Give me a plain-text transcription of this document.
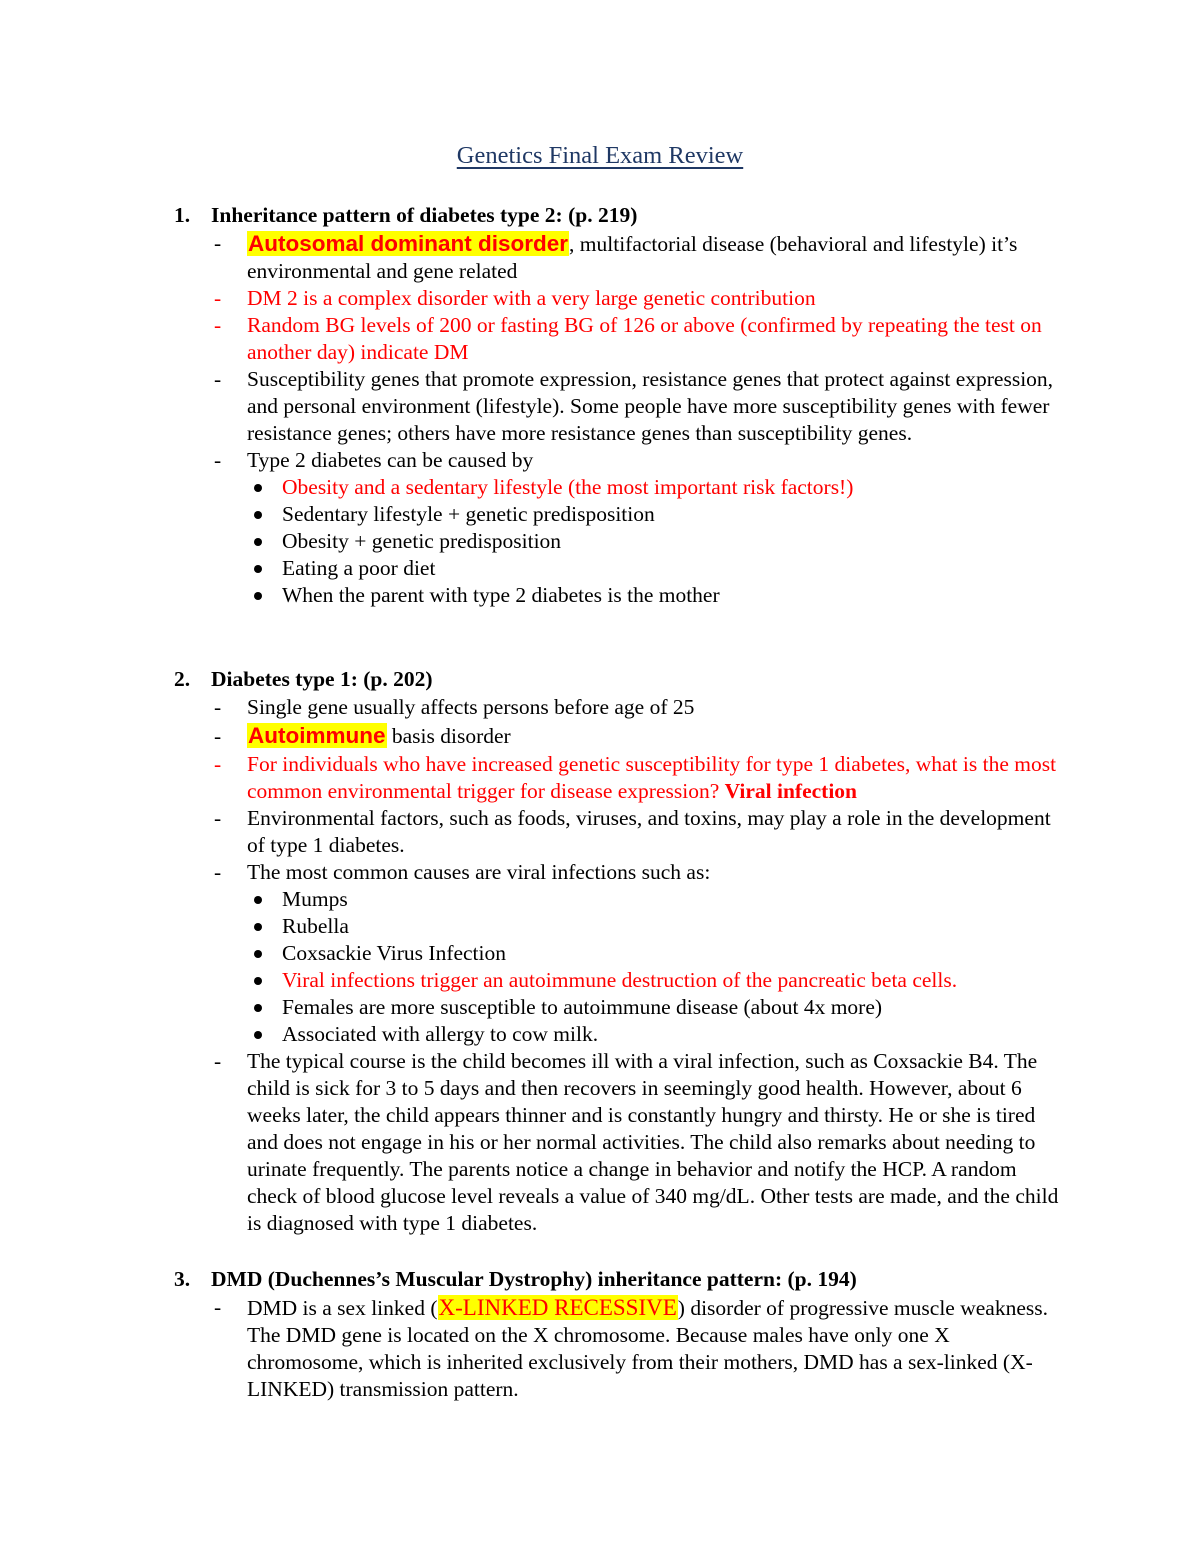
Genetics Final Exam Review
1. Inheritance pattern of diabetes type 2: (p. 219)
- Autosomal dominant disorder, multifactorial disease (behavioral and lifestyle) it’s environmental and gene related
- DM 2 is a complex disorder with a very large genetic contribution
- Random BG levels of 200 or fasting BG of 126 or above (confirmed by repeating the test on another day) indicate DM
- Susceptibility genes that promote expression, resistance genes that protect against expression, and personal environment (lifestyle). Some people have more susceptibility genes with fewer resistance genes; others have more resistance genes than susceptibility genes.
- Type 2 diabetes can be caused by
Obesity and a sedentary lifestyle (the most important risk factors!)
Sedentary lifestyle + genetic predisposition
Obesity + genetic predisposition
Eating a poor diet
When the parent with type 2 diabetes is the mother
2. Diabetes type 1: (p. 202)
- Single gene usually affects persons before age of 25
- Autoimmune basis disorder
- For individuals who have increased genetic susceptibility for type 1 diabetes, what is the most common environmental trigger for disease expression? Viral infection
- Environmental factors, such as foods, viruses, and toxins, may play a role in the development of type 1 diabetes.
- The most common causes are viral infections such as:
Mumps
Rubella
Coxsackie Virus Infection
Viral infections trigger an autoimmune destruction of the pancreatic beta cells.
Females are more susceptible to autoimmune disease (about 4x more)
Associated with allergy to cow milk.
- The typical course is the child becomes ill with a viral infection, such as Coxsackie B4. The child is sick for 3 to 5 days and then recovers in seemingly good health. However, about 6 weeks later, the child appears thinner and is constantly hungry and thirsty. He or she is tired and does not engage in his or her normal activities. The child also remarks about needing to urinate frequently. The parents notice a change in behavior and notify the HCP. A random check of blood glucose level reveals a value of 340 mg/dL. Other tests are made, and the child is diagnosed with type 1 diabetes.
3. DMD (Duchennes’s Muscular Dystrophy) inheritance pattern: (p. 194)
- DMD is a sex linked (X-LINKED RECESSIVE) disorder of progressive muscle weakness. The DMD gene is located on the X chromosome. Because males have only one X chromosome, which is inherited exclusively from their mothers, DMD has a sex-linked (X-LINKED) transmission pattern.
